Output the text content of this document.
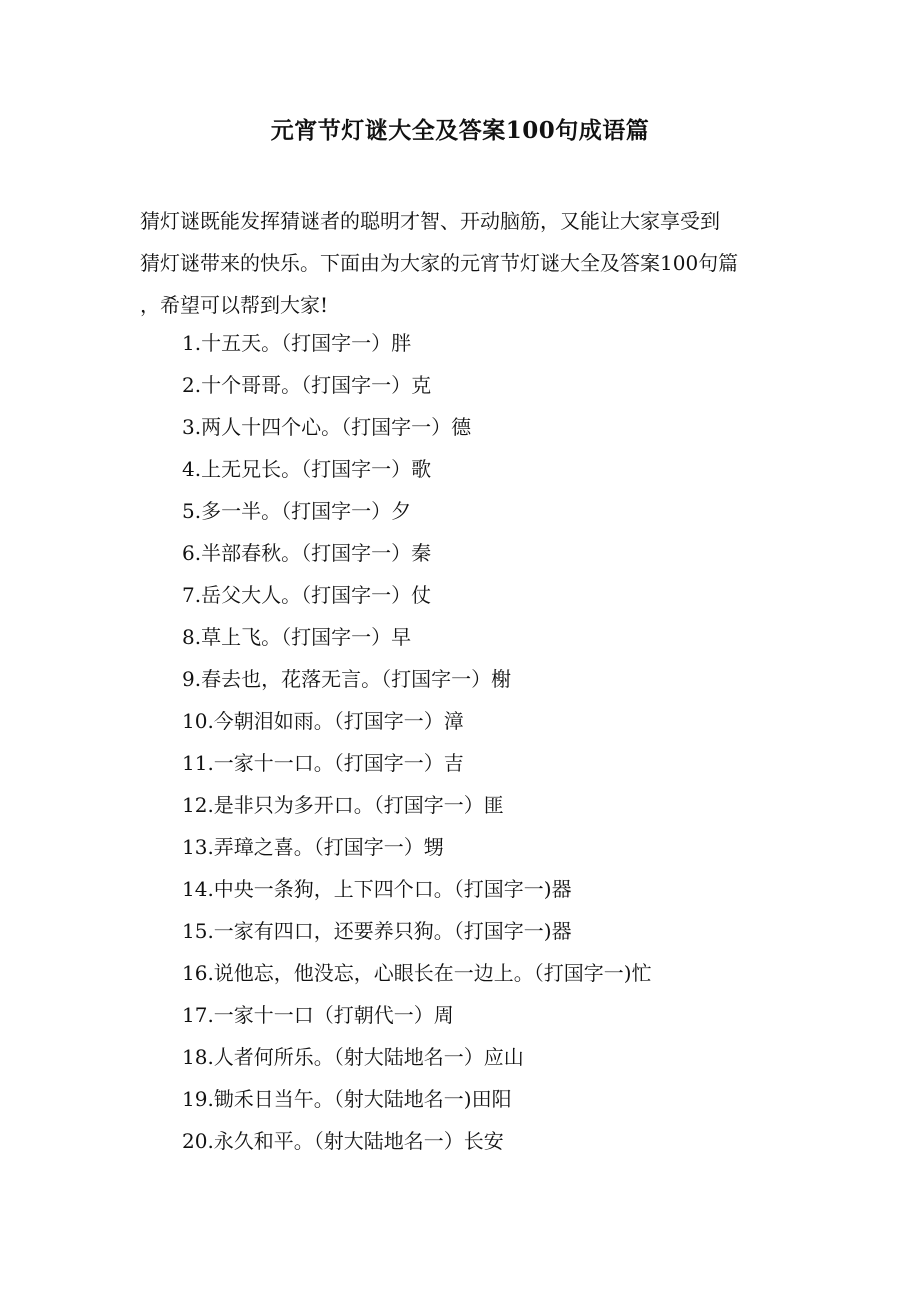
元宵节灯谜大全及答案100句成语篇

猜灯谜既能发挥猜谜者的聪明才智、开动脑筋，又能让大家享受到

猜灯谜带来的快乐。下面由为大家的元宵节灯谜大全及答案100句篇

，希望可以帮到大家!

1.十五天。（打国字一）胖
2.十个哥哥。（打国字一）克
3.两人十四个心。（打国字一）德
4.上无兄长。（打国字一）歌
5.多一半。（打国字一）夕
6.半部春秋。（打国字一）秦
7.岳父大人。（打国字一）仗
8.草上飞。（打国字一）早
9.春去也，花落无言。（打国字一）榭
10.今朝泪如雨。（打国字一）漳
11.一家十一口。（打国字一）吉
12.是非只为多开口。（打国字一）匪
13.弄璋之喜。（打国字一）甥
14.中央一条狗，上下四个口。（打国字一)器
15.一家有四口，还要养只狗。（打国字一)器
16.说他忘，他没忘，心眼长在一边上。（打国字一)忙
17.一家十一口（打朝代一）周
18.人者何所乐。（射大陆地名一）应山
19.锄禾日当午。（射大陆地名一)田阳
20.永久和平。（射大陆地名一）长安
